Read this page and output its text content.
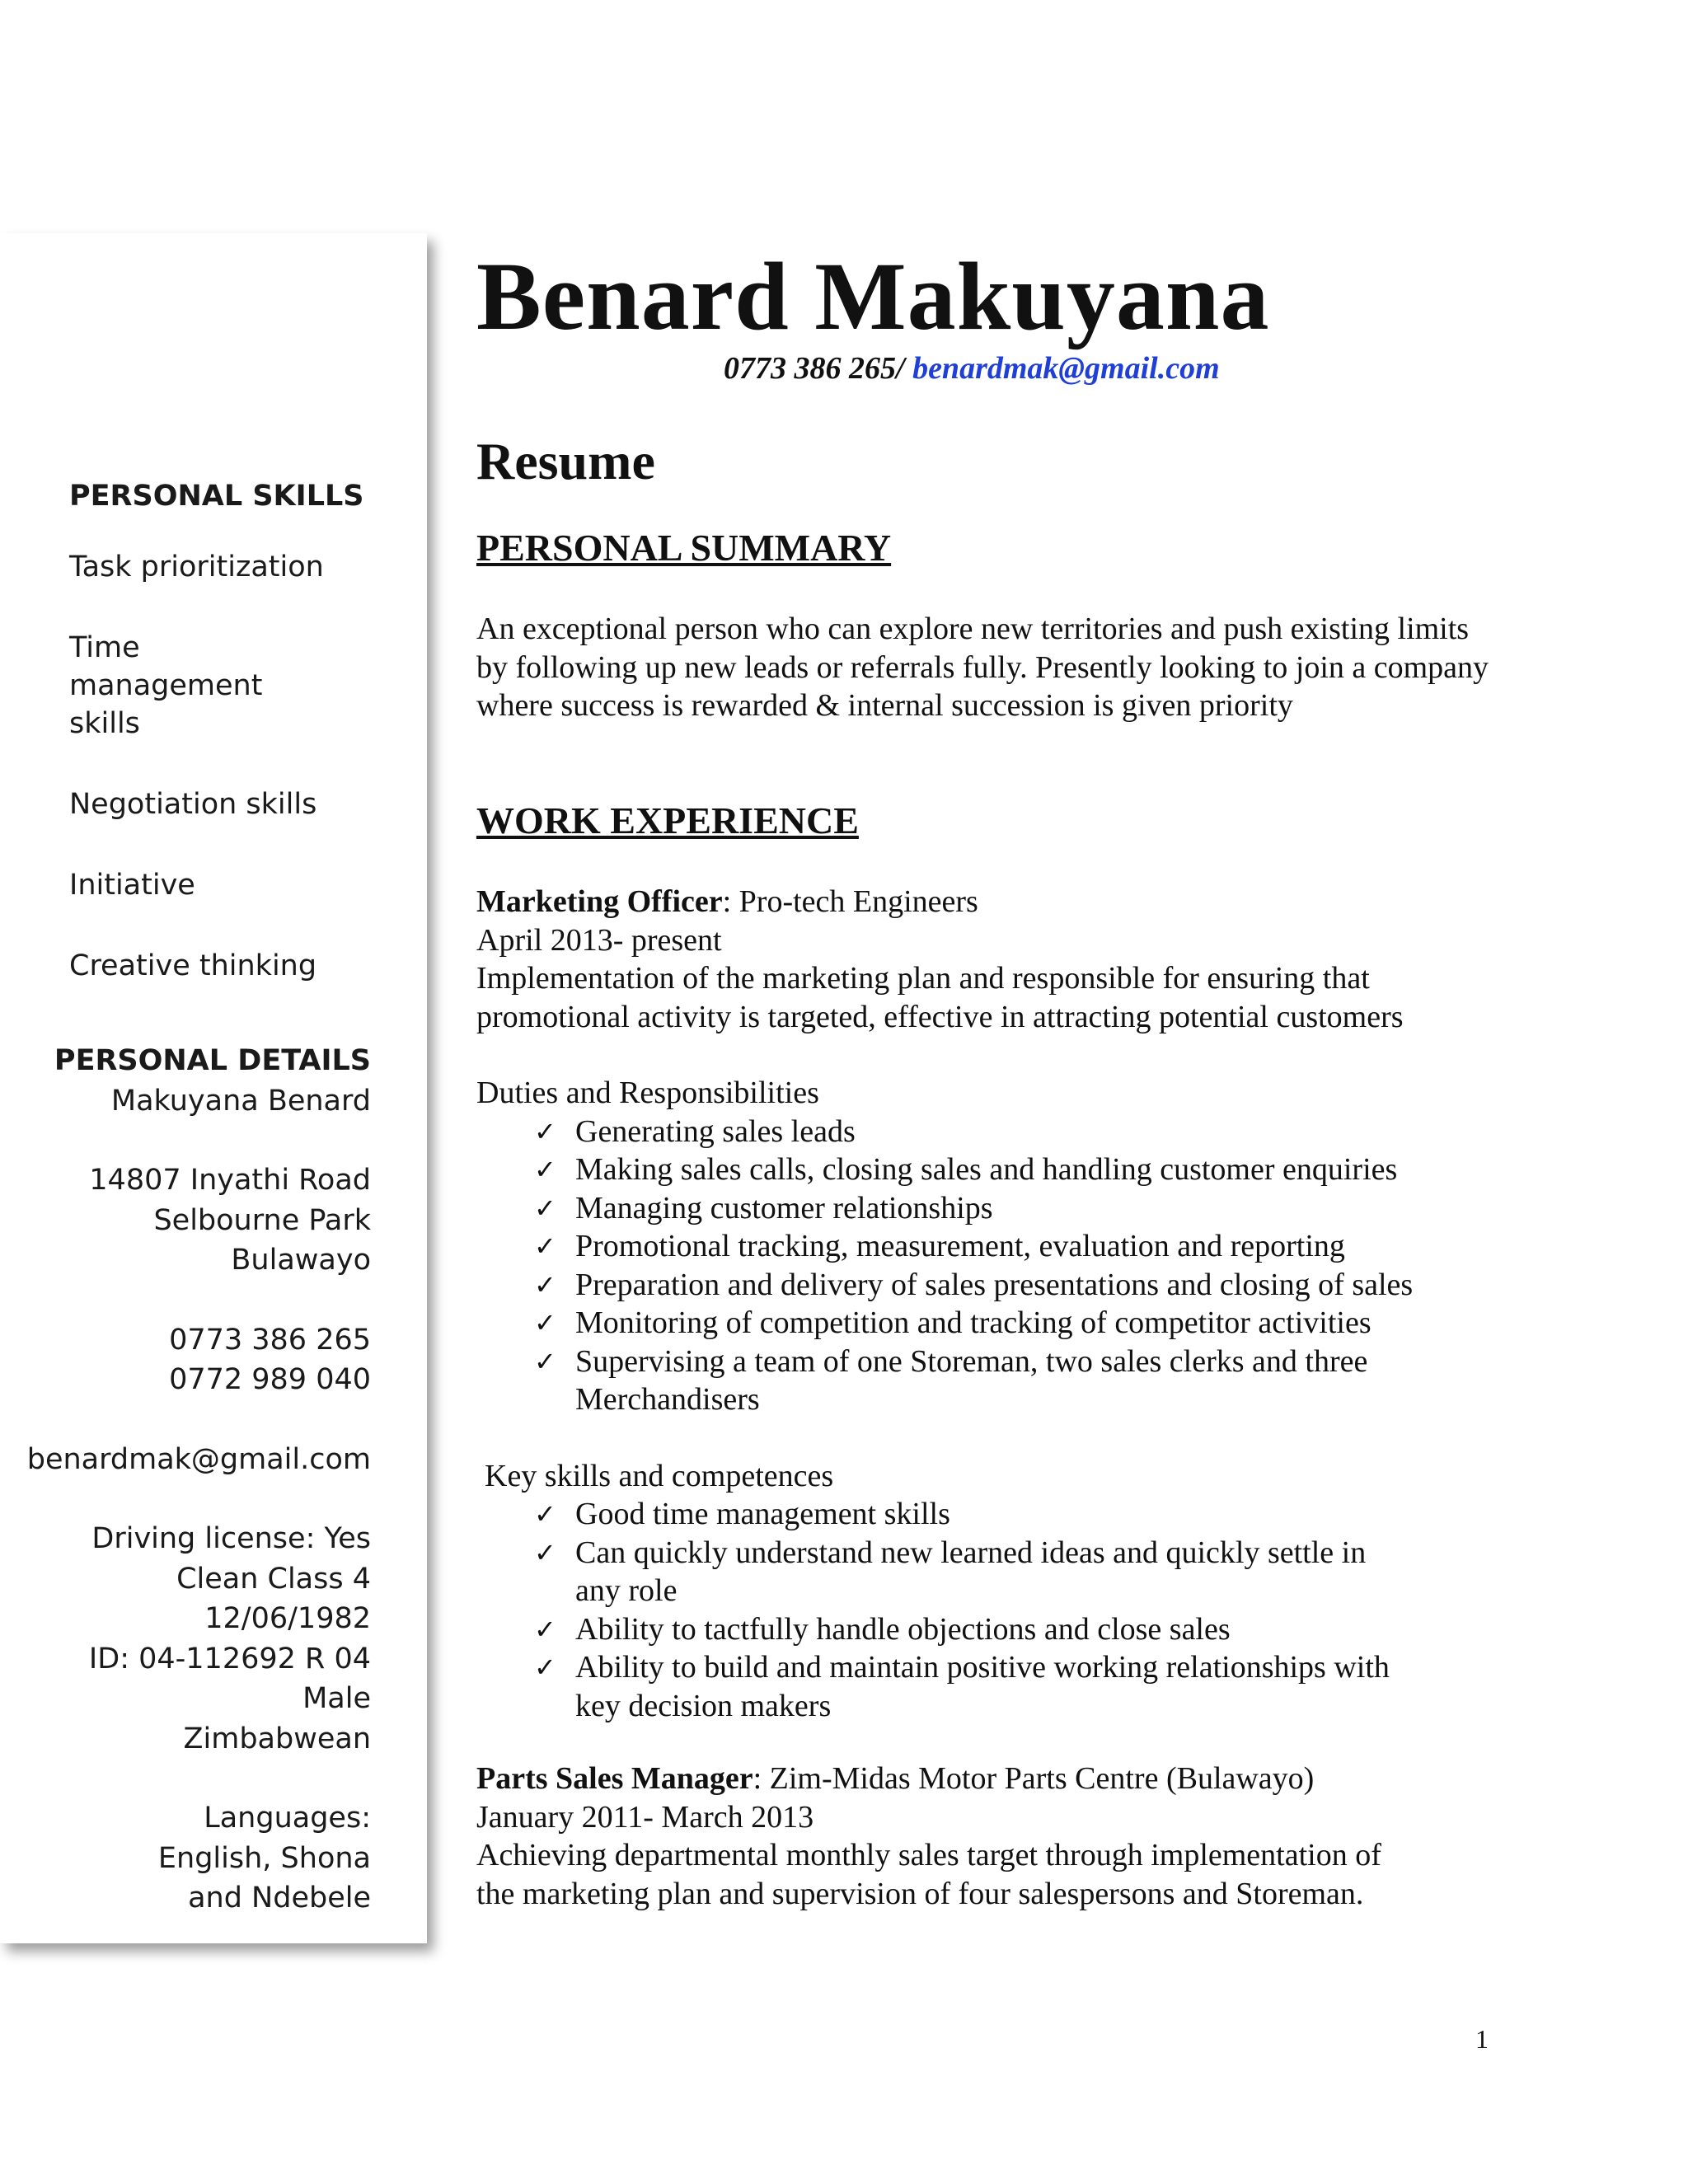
PERSONAL SKILLS
Task prioritization
Time management skills
Negotiation skills
Initiative
Creative thinking
PERSONAL DETAILS
Makuyana Benard
14807 Inyathi Road
Selbourne Park
Bulawayo
0773 386 265
0772 989 040
benardmak@gmail.com
Driving license: Yes
Clean Class 4
12/06/1982
ID: 04-112692 R 04
Male
Zimbabwean
Languages: English, Shona and Ndebele
Benard Makuyana
0773 386 265/ benardmak@gmail.com
Resume
PERSONAL SUMMARY
An exceptional person who can explore new territories and push existing limits by following up new leads or referrals fully. Presently looking to join a company where success is rewarded & internal succession is given priority
WORK EXPERIENCE
Marketing Officer: Pro-tech Engineers
April 2013- present
Implementation of the marketing plan and responsible for ensuring that promotional activity is targeted, effective in attracting potential customers
Duties and Responsibilities
✓ Generating sales leads
✓ Making sales calls, closing sales and handling customer enquiries
✓ Managing customer relationships
✓ Promotional tracking, measurement, evaluation and reporting
✓ Preparation and delivery of sales presentations and closing of sales
✓ Monitoring of competition and tracking of competitor activities
✓ Supervising a team of one Storeman, two sales clerks and three Merchandisers
Key skills and competences
✓ Good time management skills
✓ Can quickly understand new learned ideas and quickly settle in any role
✓ Ability to tactfully handle objections and close sales
✓ Ability to build and maintain positive working relationships with key decision makers
Parts Sales Manager: Zim-Midas Motor Parts Centre (Bulawayo)
January 2011- March 2013
Achieving departmental monthly sales target through implementation of the marketing plan and supervision of four salespersons and Storeman.
1
